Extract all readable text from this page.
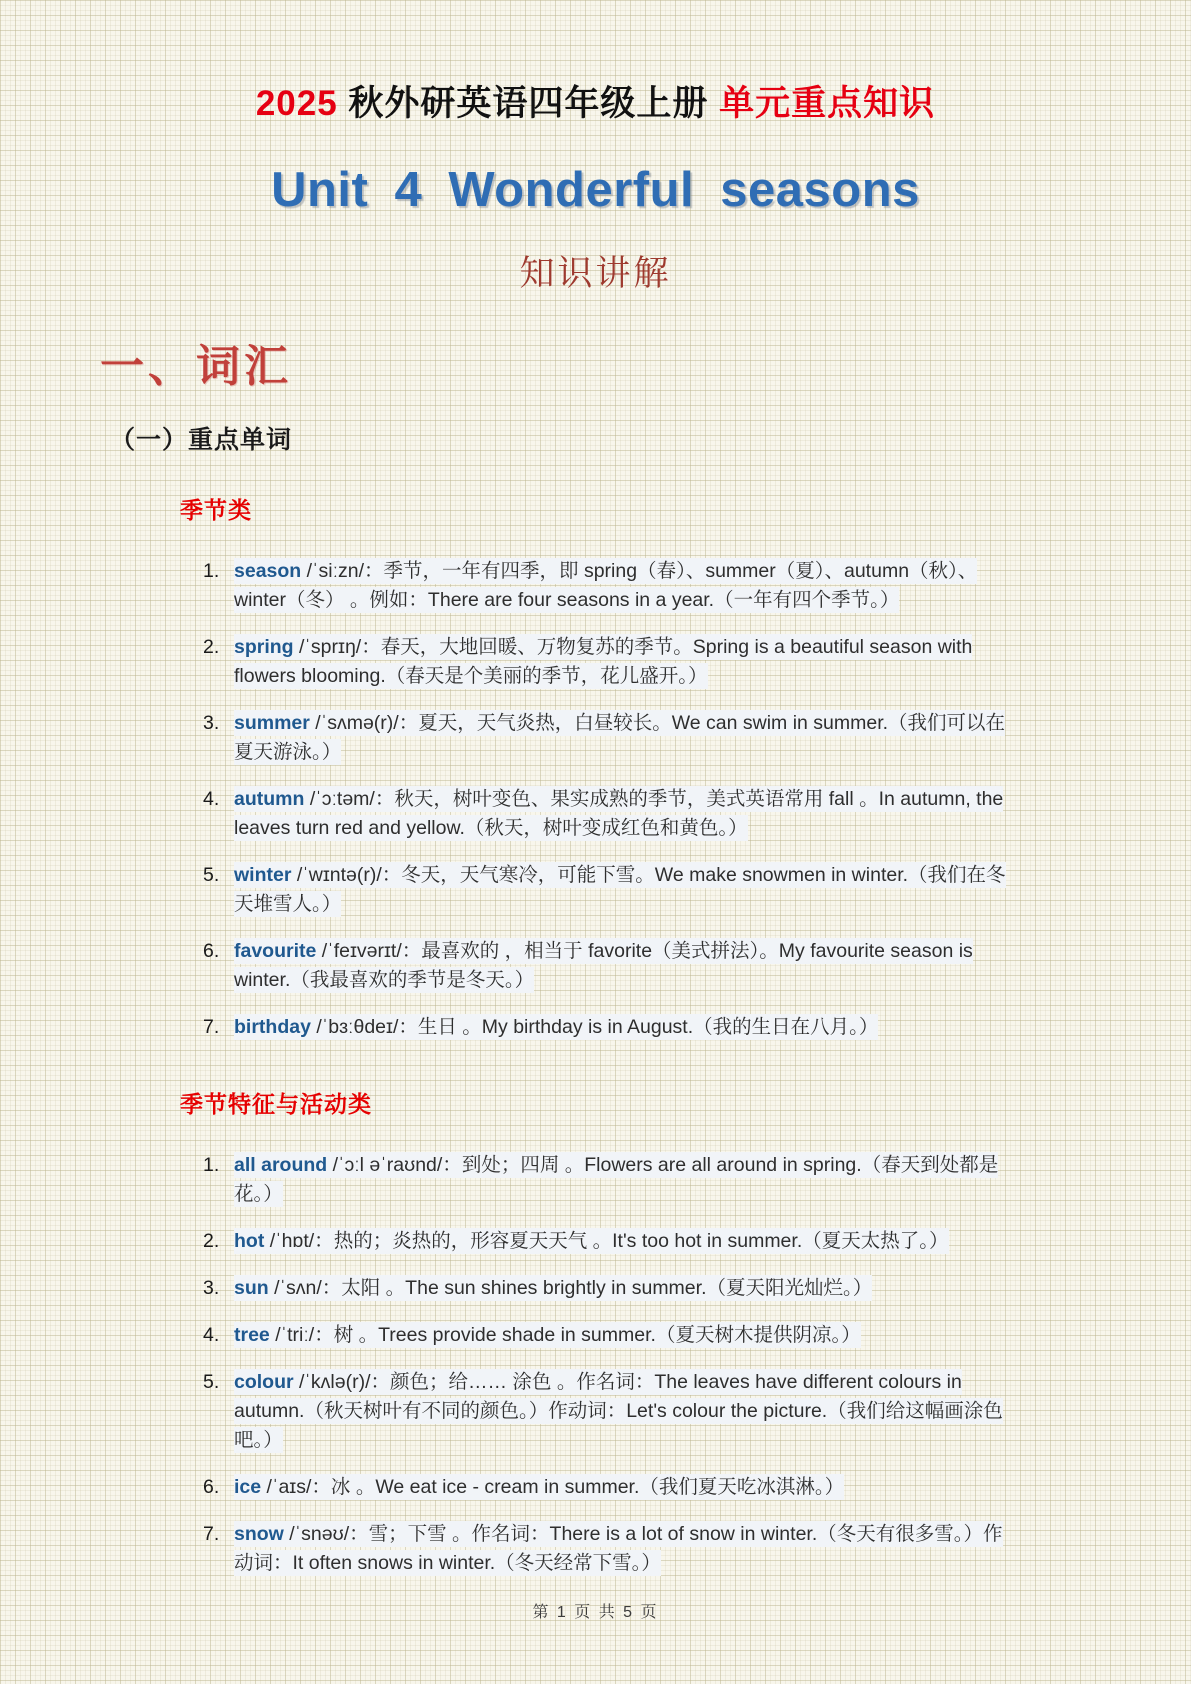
2025 秋外研英语四年级上册 单元重点知识
Unit 4 Wonderful seasons
知识讲解
一、词汇
（一）重点单词
季节类
1. season /ˈsiːzn/：季节，一年有四季，即 spring（春）、summer（夏）、autumn（秋）、winter（冬） 。例如：There are four seasons in a year.（一年有四个季节。）

2. spring /ˈsprɪŋ/：春天，大地回暖、万物复苏的季节。Spring is a beautiful season with flowers blooming.（春天是个美丽的季节，花儿盛开。）

3. summer /ˈsʌmə(r)/：夏天，天气炎热，白昼较长。We can swim in summer.（我们可以在夏天游泳。）

4. autumn /ˈɔːtəm/：秋天，树叶变色、果实成熟的季节，美式英语常用 fall 。In autumn, the leaves turn red and yellow.（秋天，树叶变成红色和黄色。）

5. winter /ˈwɪntə(r)/：冬天，天气寒冷，可能下雪。We make snowmen in winter.（我们在冬天堆雪人。）

6. favourite /ˈfeɪvərɪt/：最喜欢的 ，相当于 favorite（美式拼法）。My favourite season is winter.（我最喜欢的季节是冬天。）

7. birthday /ˈbɜːθdeɪ/：生日 。My birthday is in August.（我的生日在八月。）

季节特征与活动类
1. all around /ˈɔːl əˈraʊnd/：到处；四周 。Flowers are all around in spring.（春天到处都是花。）

2. hot /ˈhɒt/：热的；炎热的，形容夏天天气 。It's too hot in summer.（夏天太热了。）

3. sun /ˈsʌn/：太阳 。The sun shines brightly in summer.（夏天阳光灿烂。）

4. tree /ˈtriː/：树 。Trees provide shade in summer.（夏天树木提供阴凉。）

5. colour /ˈkʌlə(r)/：颜色；给…… 涂色 。作名词：The leaves have different colours in autumn.（秋天树叶有不同的颜色。）作动词：Let's colour the picture.（我们给这幅画涂色吧。）

6. ice /ˈaɪs/：冰 。We eat ice - cream in summer.（我们夏天吃冰淇淋。）

7. snow /ˈsnəʊ/：雪；下雪 。作名词：There is a lot of snow in winter.（冬天有很多雪。）作动词：It often snows in winter.（冬天经常下雪。）

第 1 页 共 5 页
